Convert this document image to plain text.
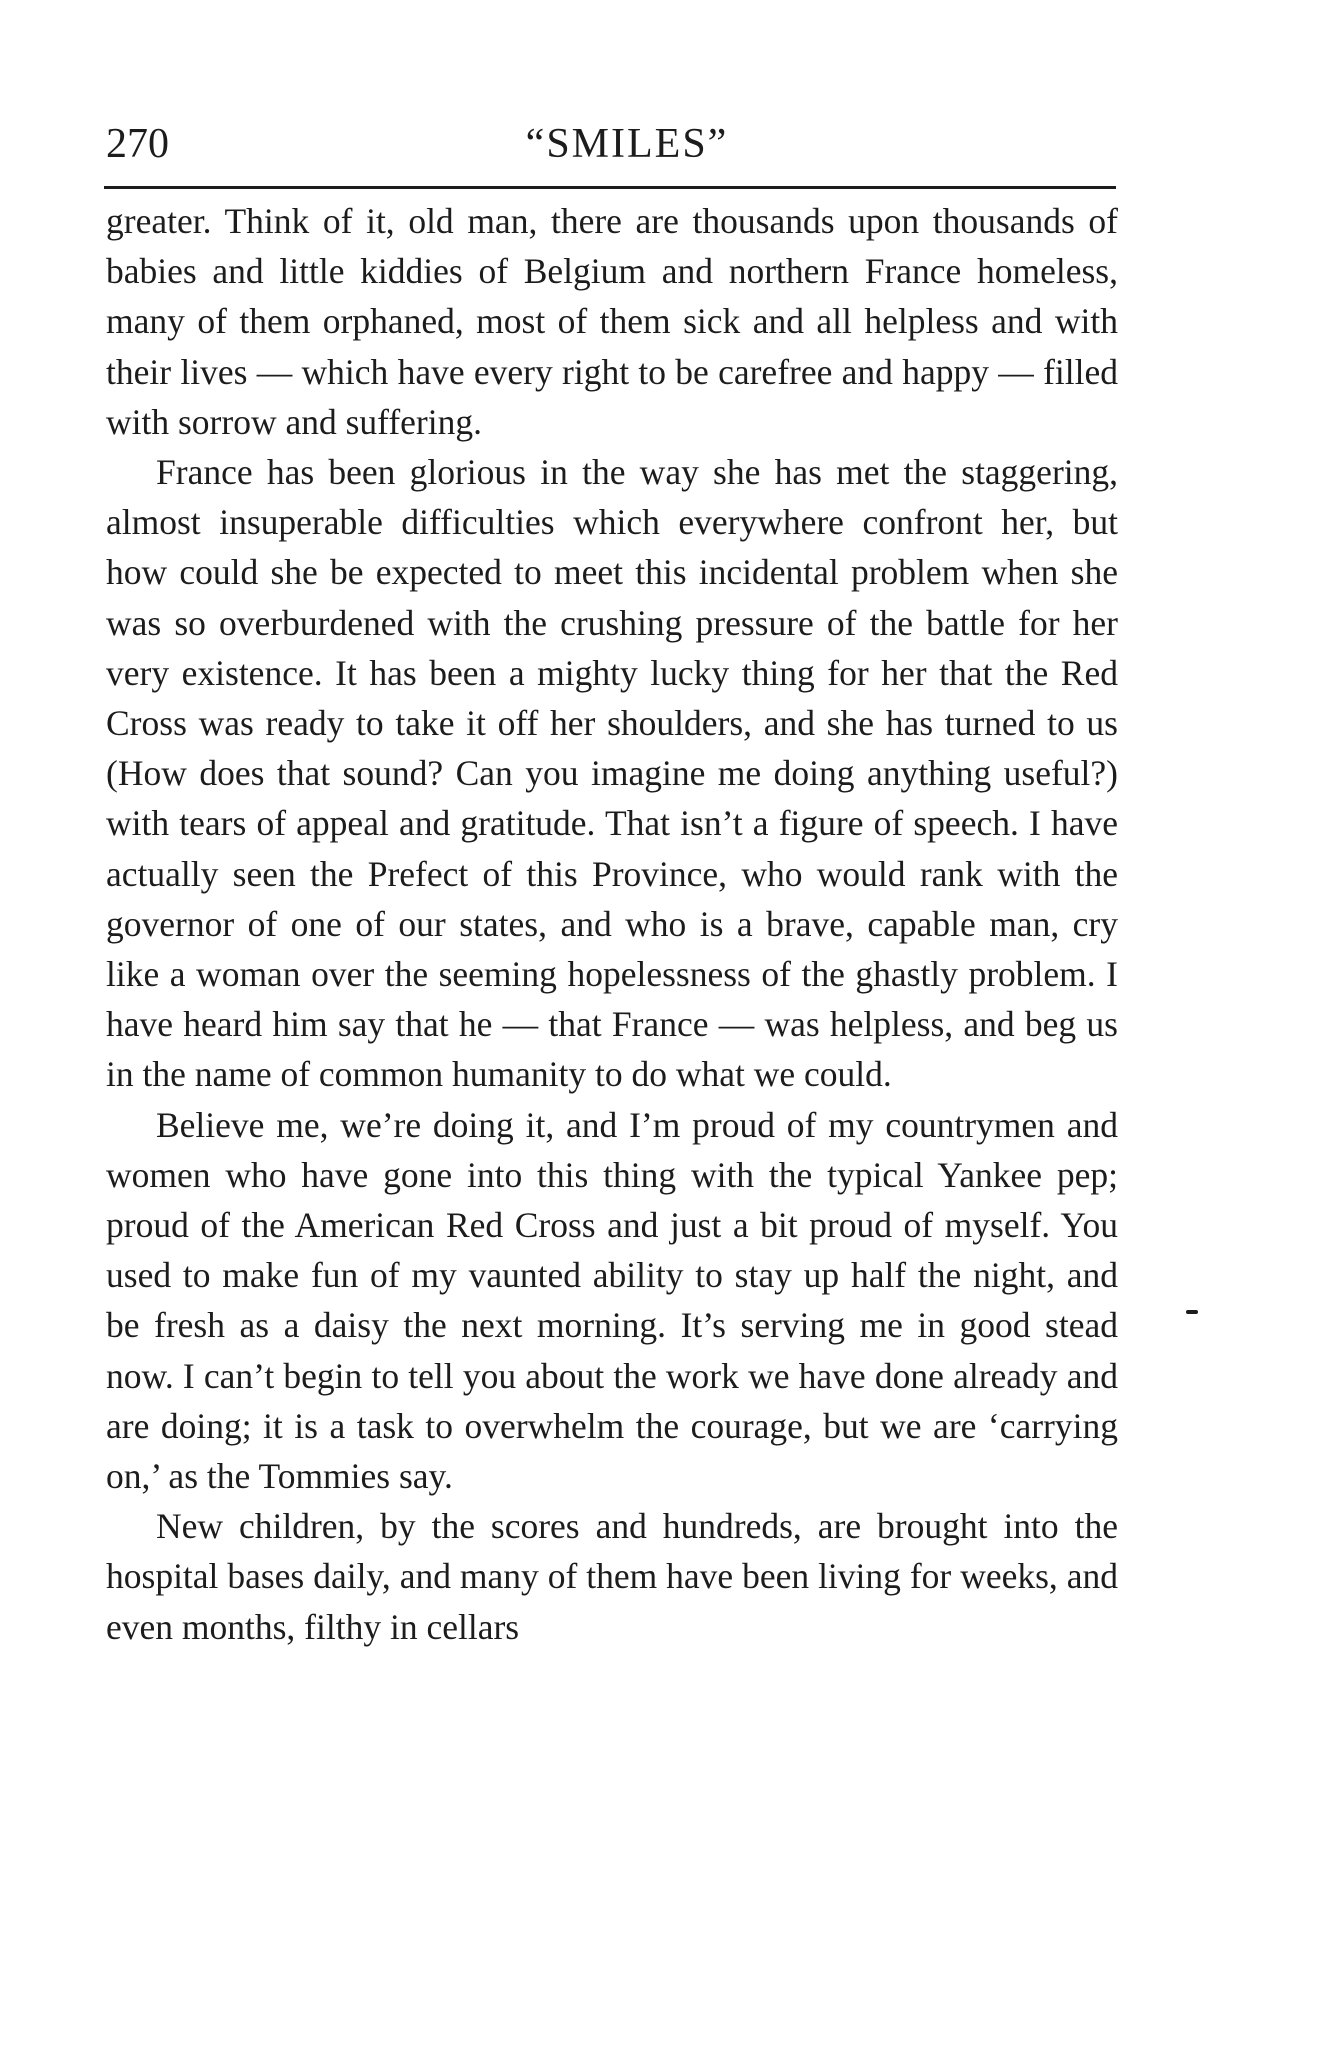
270	“SMILES”

greater. Think of it, old man, there are thousands upon thousands of babies and little kiddies of Belgium and northern France homeless, many of them orphaned, most of them sick and all helpless and with their lives — which have every right to be carefree and happy — filled with sorrow and suffering.

France has been glorious in the way she has met the staggering, almost insuperable difficulties which everywhere confront her, but how could she be expected to meet this incidental problem when she was so overburdened with the crushing pressure of the battle for her very existence. It has been a mighty lucky thing for her that the Red Cross was ready to take it off her shoulders, and she has turned to us (How does that sound? Can you imagine me doing anything useful?) with tears of appeal and gratitude. That isn’t a figure of speech. I have actually seen the Prefect of this Province, who would rank with the governor of one of our states, and who is a brave, capable man, cry like a woman over the seeming hopelessness of the ghastly problem. I have heard him say that he — that France — was helpless, and beg us in the name of common humanity to do what we could.

Believe me, we’re doing it, and I’m proud of my countrymen and women who have gone into this thing with the typical Yankee pep; proud of the American Red Cross and just a bit proud of myself. You used to make fun of my vaunted ability to stay up half the night, and be fresh as a daisy the next morning. It’s serving me in good stead now. I can’t begin to tell you about the work we have done already and are doing; it is a task to overwhelm the courage, but we are ‘carrying on,’ as the Tommies say.

New children, by the scores and hundreds, are brought into the hospital bases daily, and many of them have been living for weeks, and even months, filthy in cellars
